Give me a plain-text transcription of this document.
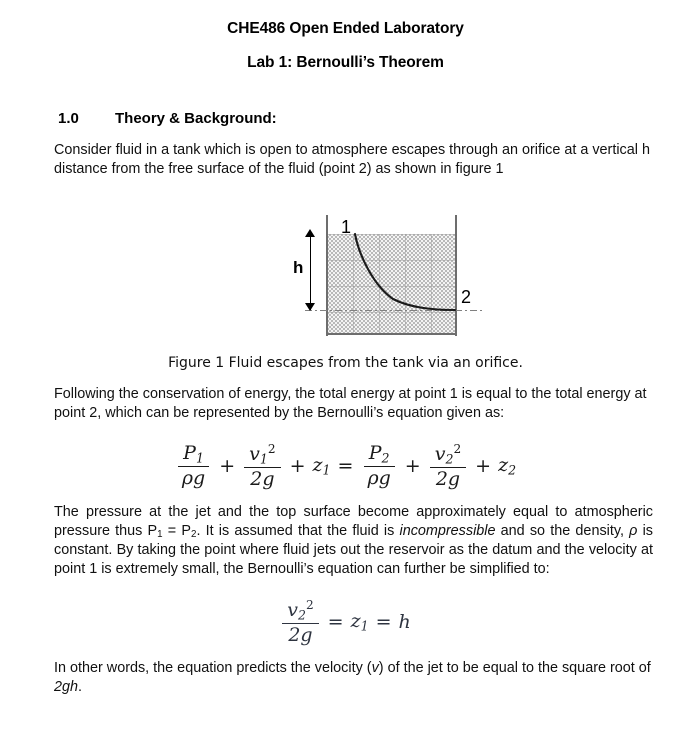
CHE486 Open Ended Laboratory
Lab 1: Bernoulli’s Theorem
1.0 Theory & Background:

Consider fluid in a tank which is open to atmosphere escapes through an orifice at a vertical h distance from the free surface of the fluid (point 2) as shown in figure 1

h
1
2
Figure 1 Fluid escapes from the tank via an orifice.

Following the conservation of energy, the total energy at point 1 is equal to the total energy at point 2, which can be represented by the Bernoulli’s equation given as:

$\frac{P1}{\rho g} + \frac{v1^2}{2g} + z1 = \frac{P2}{\rho g} + \frac{v2^2}{2g} + z2$

The pressure at the jet and the top surface become approximately equal to atmospheric pressure thus $P_1 = P_2$. It is assumed that the fluid is incompressible and so the density, ρ is constant. By taking the point where fluid jets out the reservoir as the datum and the velocity at point 1 is extremely small, the Bernoulli’s equation can further be simplified to:

$\frac{v2^2}{2g} = z1 = h$

In other words, the equation predicts the velocity (v) of the jet to be equal to the square root of 2gh.
